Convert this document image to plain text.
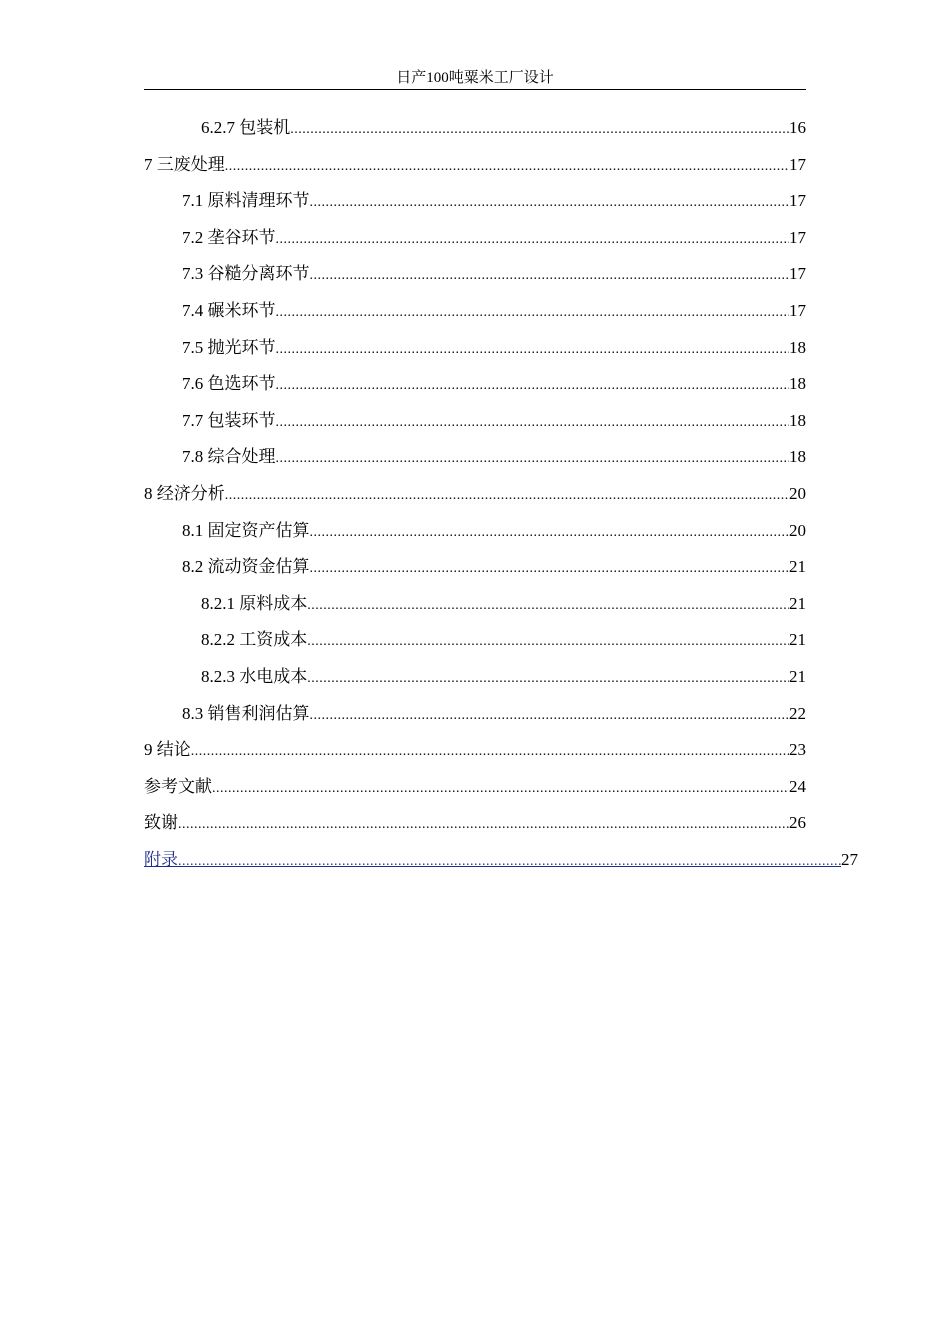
日产100吨粟米工厂设计
6.2.7 包装机 .....	16
7 三废处理 .....	17
7.1 原料清理环节 .....	17
7.2 垄谷环节 .....	17
7.3 谷糙分离环节 .....	17
7.4 碾米环节 .....	17
7.5 抛光环节 .....	18
7.6 色选环节 .....	18
7.7 包装环节 .....	18
7.8 综合处理 .....	18
8 经济分析 .....	20
8.1 固定资产估算 .....	20
8.2 流动资金估算 .....	21
8.2.1 原料成本 .....	21
8.2.2 工资成本 .....	21
8.2.3 水电成本 .....	21
8.3 销售利润估算 .....	22
9 结论 .....	23
参考文献 .....	24
致谢 .....	26
附录 .....	27
